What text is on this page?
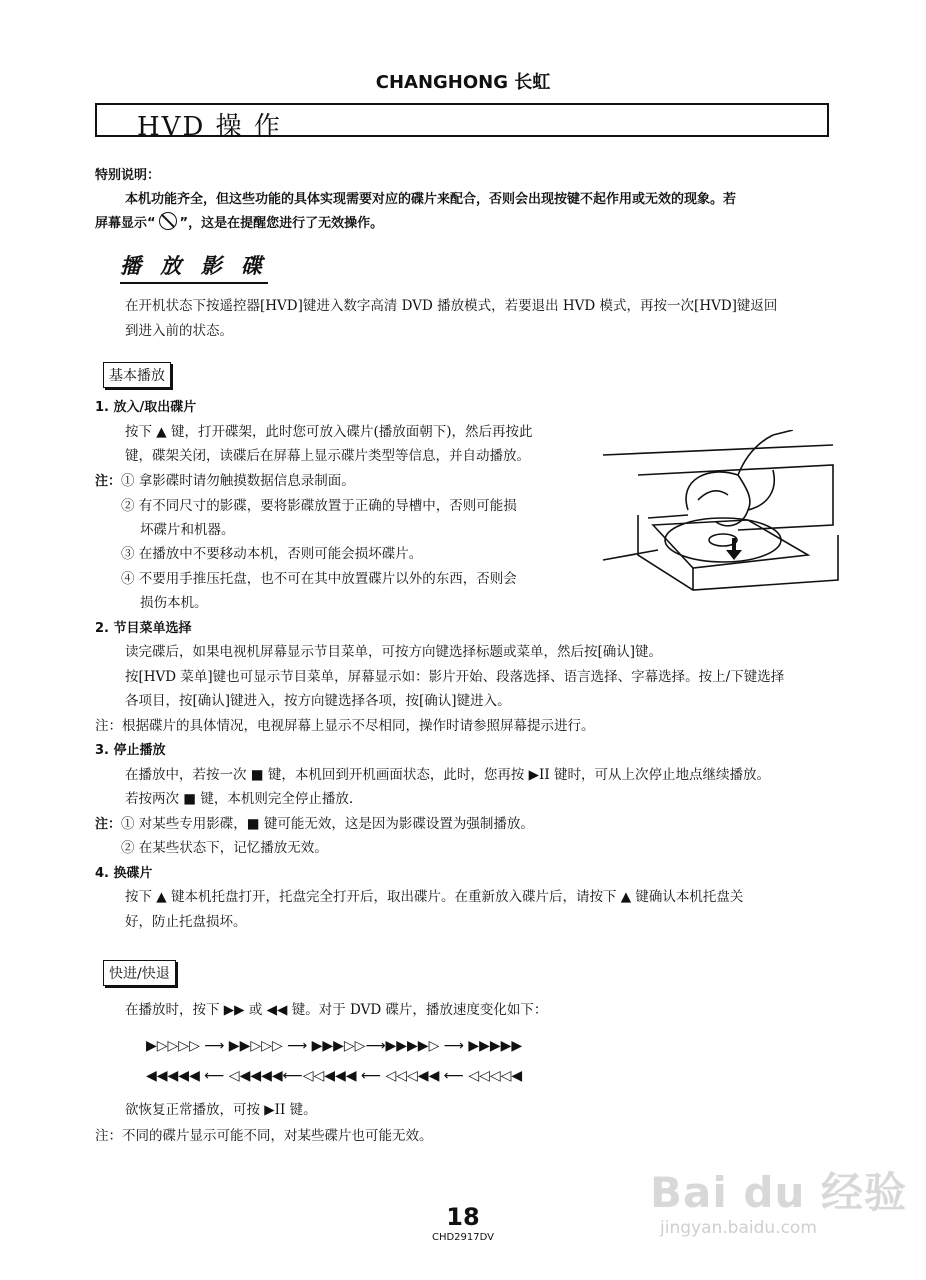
CHANGHONG 长虹
HVD 操 作
特别说明：
本机功能齐全，但这些功能的具体实现需要对应的碟片来配合，否则会出现按键不起作用或无效的现象。若
屏幕显示“ ”，这是在提醒您进行了无效操作。
播 放 影 碟
在开机状态下按遥控器[HVD]键进入数字高清 DVD 播放模式，若要退出 HVD 模式，再按一次[HVD]键返回
到进入前的状态。
基本播放
1. 放入/取出碟片
按下 ▲ 键，打开碟架，此时您可放入碟片(播放面朝下)，然后再按此
键，碟架关闭，读碟后在屏幕上显示碟片类型等信息，并自动播放。
注： ① 拿影碟时请勿触摸数据信息录制面。
② 有不同尺寸的影碟，要将影碟放置于正确的导槽中，否则可能损
坏碟片和机器。
③ 在播放中不要移动本机，否则可能会损坏碟片。
④ 不要用手推压托盘，也不可在其中放置碟片以外的东西，否则会
损伤本机。
2. 节目菜单选择
读完碟后，如果电视机屏幕显示节目菜单，可按方向键选择标题或菜单，然后按[确认]键。
按[HVD 菜单]键也可显示节目菜单，屏幕显示如：影片开始、段落选择、语言选择、字幕选择。按上/下键选择
各项目，按[确认]键进入，按方向键选择各项，按[确认]键进入。
注：根据碟片的具体情况，电视屏幕上显示不尽相同，操作时请参照屏幕提示进行。
3. 停止播放
在播放中，若按一次 ■ 键，本机回到开机画面状态，此时，您再按 ▶II 键时，可从上次停止地点继续播放。
若按两次 ■ 键，本机则完全停止播放.
注： ① 对某些专用影碟，■ 键可能无效，这是因为影碟设置为强制播放。
② 在某些状态下，记忆播放无效。
4. 换碟片
按下 ▲ 键本机托盘打开，托盘完全打开后，取出碟片。在重新放入碟片后，请按下 ▲ 键确认本机托盘关
好，防止托盘损坏。
快进/快退
在播放时，按下 ▶▶ 或 ◀◀ 键。对于 DVD 碟片，播放速度变化如下：
▶▷▷▷▷ ⟶ ▶▶▷▷▷ ⟶ ▶▶▶▷▷⟶▶▶▶▶▷ ⟶ ▶▶▶▶▶
◀◀◀◀◀ ⟵ ◁◀◀◀◀⟵◁◁◀◀◀ ⟵ ◁◁◁◀◀ ⟵ ◁◁◁◁◀
欲恢复正常播放，可按 ▶II 键。
注：不同的碟片显示可能不同，对某些碟片也可能无效。
Bai du 经验
jingyan.baidu.com
18
CHD2917DV
